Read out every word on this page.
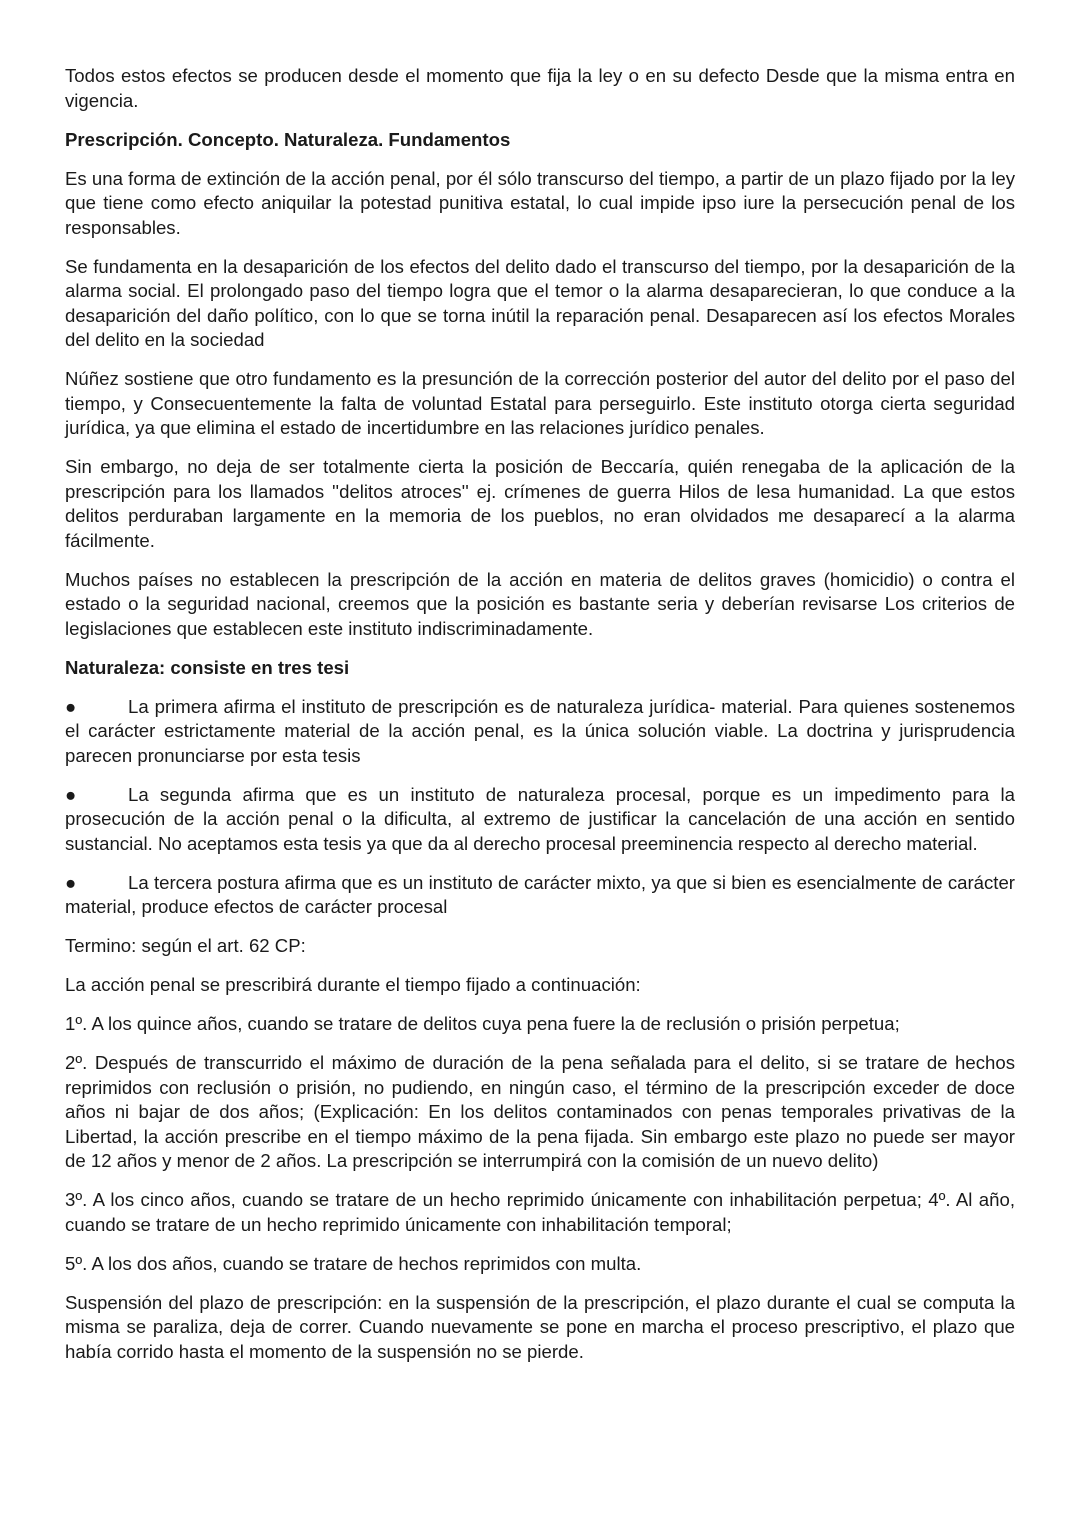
Todos estos efectos se producen desde el momento que fija la ley o en su defecto Desde que la misma entra en vigencia.

Prescripción. Concepto. Naturaleza. Fundamentos

Es una forma de extinción de la acción penal, por él sólo transcurso del tiempo, a partir de un plazo fijado por la ley que tiene como efecto aniquilar la potestad punitiva estatal, lo cual impide ipso iure la persecución penal de los responsables.

Se fundamenta en la desaparición de los efectos del delito dado el transcurso del tiempo, por la desaparición de la alarma social. El prolongado paso del tiempo logra que el temor o la alarma desaparecieran, lo que conduce a la desaparición del daño político, con lo que se torna inútil la reparación penal. Desaparecen así los efectos Morales del delito en la sociedad

Núñez sostiene que otro fundamento es la presunción de la corrección posterior del autor del delito por el paso del tiempo, y Consecuentemente la falta de voluntad Estatal para perseguirlo. Este instituto otorga cierta seguridad jurídica, ya que elimina el estado de incertidumbre en las relaciones jurídico penales.

Sin embargo, no deja de ser totalmente cierta la posición de Beccaría, quién renegaba de la aplicación de la prescripción para los llamados ''delitos atroces'' ej. crímenes de guerra Hilos de lesa humanidad. La que estos delitos perduraban largamente en la memoria de los pueblos, no eran olvidados me desaparecí a la alarma fácilmente.

Muchos países no establecen la prescripción de la acción en materia de delitos graves (homicidio) o contra el estado o la seguridad nacional, creemos que la posición es bastante seria y deberían revisarse Los criterios de legislaciones que establecen este instituto indiscriminadamente.

Naturaleza: consiste en tres tesi

●	La primera afirma el instituto de prescripción es de naturaleza jurídica- material. Para quienes sostenemos el carácter estrictamente material de la acción penal, es la única solución viable. La doctrina y jurisprudencia parecen pronunciarse por esta tesis

●	La segunda afirma que es un instituto de naturaleza procesal, porque es un impedimento para la prosecución de la acción penal o la dificulta, al extremo de justificar la cancelación de una acción en sentido sustancial. No aceptamos esta tesis ya que da al derecho procesal preeminencia respecto al derecho material.

●	La tercera postura afirma que es un instituto de carácter mixto, ya que si bien es esencialmente de carácter material, produce efectos de carácter procesal

Termino: según el art. 62 CP:

La acción penal se prescribirá durante el tiempo fijado a continuación:

1º. A los quince años, cuando se tratare de delitos cuya pena fuere la de reclusión o prisión perpetua;

2º. Después de transcurrido el máximo de duración de la pena señalada para el delito, si se tratare de hechos reprimidos con reclusión o prisión, no pudiendo, en ningún caso, el término de la prescripción exceder de doce años ni bajar de dos años; (Explicación: En los delitos contaminados con penas temporales privativas de la Libertad, la acción prescribe en el tiempo máximo de la pena fijada. Sin embargo este plazo no puede ser mayor de 12 años y menor de 2 años. La prescripción se interrumpirá con la comisión de un nuevo delito)

3º. A los cinco años, cuando se tratare de un hecho reprimido únicamente con inhabilitación perpetua; 4º. Al año, cuando se tratare de un hecho reprimido únicamente con inhabilitación temporal;

5º. A los dos años, cuando se tratare de hechos reprimidos con multa.

Suspensión del plazo de prescripción: en la suspensión de la prescripción, el plazo durante el cual se computa la misma se paraliza, deja de correr. Cuando nuevamente se pone en marcha el proceso prescriptivo, el plazo que había corrido hasta el momento de la suspensión no se pierde.
